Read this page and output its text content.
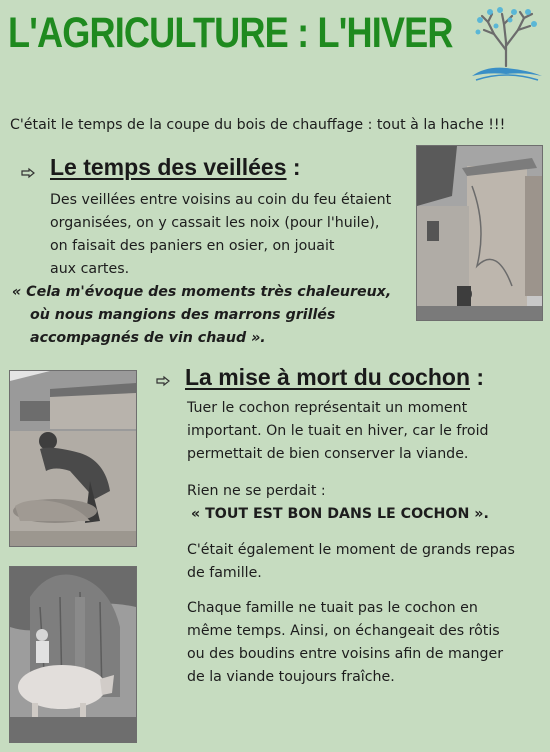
L'AGRICULTURE : L'HIVER
C'était le temps de la coupe du bois de chauffage : tout à la hache !!!
Le temps des veillées :
Des veillées entre voisins au coin du feu étaient
organisées, on y cassait les noix (pour l'huile),
on faisait des paniers en osier, on jouait
aux cartes.
« Cela m'évoque des moments très chaleureux,
où nous mangions des marrons grillés
accompagnés de vin chaud ».
La mise à mort du cochon :
Tuer le cochon représentait un moment
important. On le tuait en hiver, car le froid
permettait de bien conserver la viande.
Rien ne se perdait :
« TOUT EST BON DANS LE COCHON ».
C'était également le moment de grands repas
de famille.
Chaque famille ne tuait pas le cochon en
même temps. Ainsi, on échangeait des rôtis
ou des boudins entre voisins afin de manger
de la viande toujours fraîche.
